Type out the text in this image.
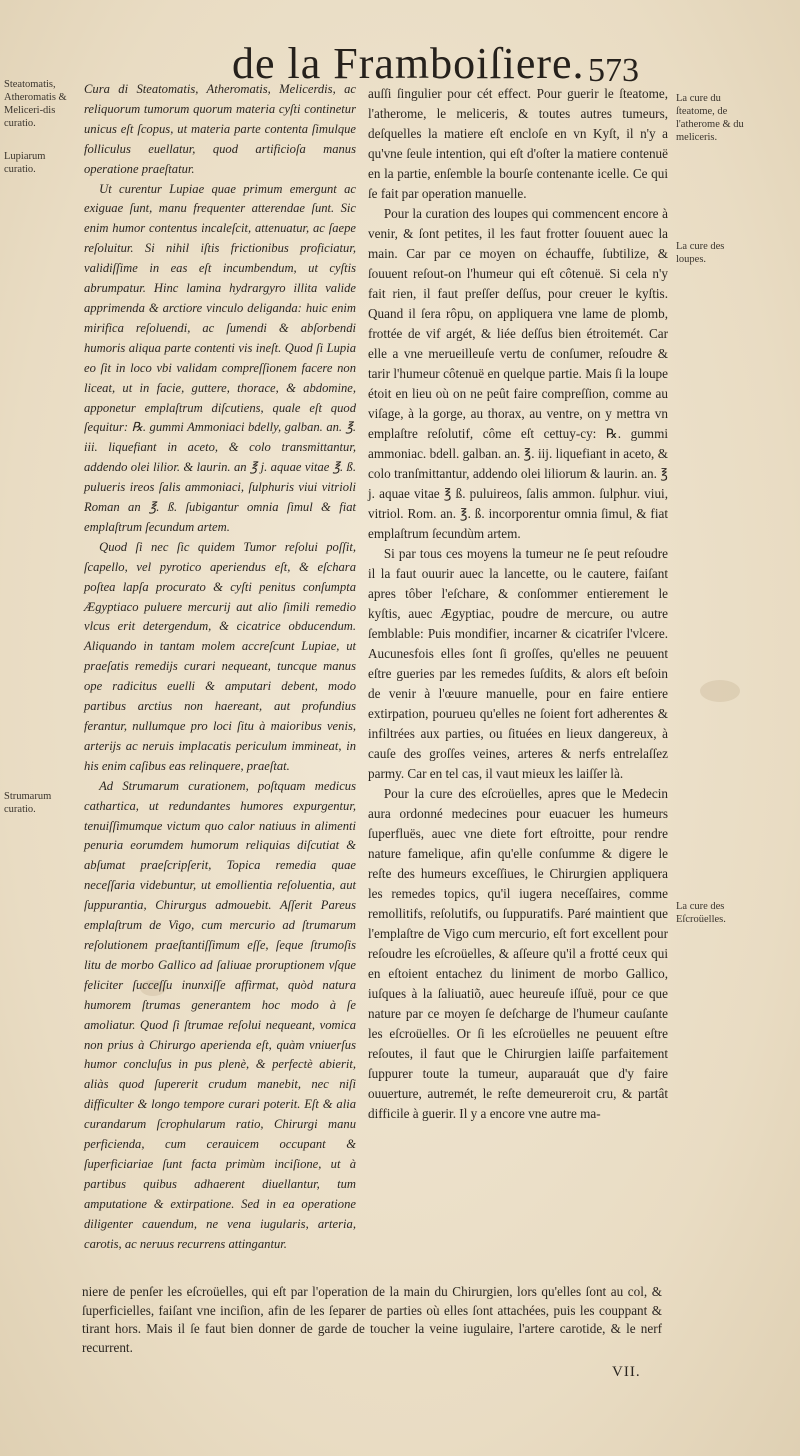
de la Framboiſiere. 573
Steatomatis, Atheromatis & Meliceri-dis curatio.
Lupiarum curatio.
Strumarum curatio.
La cure du ſteatome, de l'atherome & du meliceris.
La cure des loupes.
La cure des Eſcroüelles.

Cura di Steatomatis, Atheromatis, Melicerdis, ac reliquorum tumorum quorum materia cyſti continetur unicus eſt ſcopus, ut materia parte contenta ſimulque folliculus euellatur, quod artificioſa manus operatione praeſtatur.

Ut curentur Lupiae quae primum emergunt ac exiguae ſunt, manu frequenter atterendae ſunt. Sic enim humor contentus incaleſcit, attenuatur, ac ſaepe reſoluitur. Si nihil iſtis frictionibus proficiatur, validiſſime in eas eſt incumbendum, ut cyſtis abrumpatur. Hinc lamina hydrargyro illita valide apprimenda & arctiore vinculo deliganda: huic enim mirifica reſoluendi, ac ſumendi & abſorbendi humoris aliqua parte contenti vis ineſt. Quod ſi Lupia eo ſit in loco vbi validam compreſſionem facere non liceat, ut in facie, guttere, thorace, & abdomine, apponetur emplaſtrum diſcutiens, quale eſt quod ſequitur: ℞. gummi Ammoniaci bdelly, galban. an. ℥. iii. liquefiant in aceto, & colo transmittantur, addendo olei lilior. & laurin. an ℥ j. aquae vitae ℥. ß. pulueris ireos ſalis ammoniaci, ſulphuris viui vitrioli Roman an ℥. ß. ſubigantur omnia ſimul & fiat emplaſtrum ſecundum artem.

Quod ſi nec ſic quidem Tumor reſolui poſſit, ſcapello, vel pyrotico aperiendus eſt, & eſchara poſtea lapſa procurato & cyſti penitus conſumpta Ægyptiaco puluere mercurij aut alio ſimili remedio vlcus erit detergendum, & cicatrice obducendum. Aliquando in tantam molem accreſcunt Lupiae, ut praeſatis remedijs curari nequeant, tuncque manus ope radicitus euelli & amputari debent, modo partibus arctius non haereant, aut profundius ferantur, nullumque pro loci ſitu à maioribus venis, arterijs ac neruis implacatis periculum immineat, in his enim caſibus eas relinquere, praeſtat.

Ad Strumarum curationem, poſtquam medicus cathartica, ut redundantes humores expurgentur, tenuiſſimumque victum quo calor natiuus in alimenti penuria eorumdem humorum reliquias diſcutiat & abſumat praeſcripſerit, Topica remedia quae neceſſaria videbuntur, ut emollientia reſoluentia, aut ſuppurantia, Chirurgus admouebit. Aſſerit Pareus emplaſtrum de Vigo, cum mercurio ad ſtrumarum reſolutionem praeſtantiſſimum eſſe, ſeque ſtrumoſis litu de morbo Gallico ad ſaliuae proruptionem vſque feliciter ſucceſſu inunxiſſe affirmat, quòd natura humorem ſtrumas generantem hoc modo à ſe amoliatur. Quod ſi ſtrumae reſolui nequeant, vomica non prius à Chirurgo aperienda eſt, quàm vniuerſus humor concluſus in pus plenè, & perfectè abierit, aliàs quod ſupererit crudum manebit, nec niſi difficulter & longo tempore curari poterit. Eſt & alia curandarum ſcrophularum ratio, Chirurgi manu perficienda, cum cerauicem occupant & ſuperficiariae ſunt facta primùm inciſione, ut à partibus quibus adhaerent diuellantur, tum amputatione & extirpatione. Sed in ea operatione diligenter cauendum, ne vena iugularis, arteria, carotis, ac neruus recurrens attingantur.

auſſi ſingulier pour cét effect. Pour guerir le ſteatome, l'atherome, le meliceris, & toutes autres tumeurs, deſquelles la matiere eſt encloſe en vn Kyſt, il n'y a qu'vne ſeule intention, qui eſt d'oſter la matiere contenuë en la partie, enſemble la bourſe contenante icelle. Ce qui ſe fait par operation manuelle.

Pour la curation des loupes qui commencent encore à venir, & ſont petites, il les faut frotter ſouuent auec la main. Car par ce moyen on échauffe, ſubtilize, & ſouuent reſout-on l'humeur qui eſt côtenuë. Si cela n'y fait rien, il faut preſſer deſſus, pour creuer le kyſtis. Quand il ſera rôpu, on appliquera vne lame de plomb, frottée de vif argét, & liée deſſus bien étroitemét. Car elle a vne merueilleuſe vertu de conſumer, reſoudre & tarir l'humeur côtenuë en quelque partie. Mais ſi la loupe étoit en lieu où on ne peût faire compreſſion, comme au viſage, à la gorge, au thorax, au ventre, on y mettra vn emplaſtre reſolutif, côme eſt cettuy-cy: ℞. gummi ammoniac. bdell. galban. an. ℥. iij. liquefiant in aceto, & colo tranſmittantur, addendo olei liliorum & laurin. an. ℥ j. aquae vitae ℥ ß. puluireos, ſalis ammon. ſulphur. viui, vitriol. Rom. an. ℥. ß. incorporentur omnia ſimul, & fiat emplaſtrum ſecundùm artem.

Si par tous ces moyens la tumeur ne ſe peut reſoudre il la faut ouurir auec la lancette, ou le cautere, faiſant apres tôber l'eſchare, & conſommer entierement le kyſtis, auec Ægyptiac, poudre de mercure, ou autre ſemblable: Puis mondifier, incarner & cicatriſer l'vlcere. Aucunesfois elles ſont ſi groſſes, qu'elles ne peuuent eſtre gueries par les remedes ſuſdits, & alors eſt beſoin de venir à l'œuure manuelle, pour en faire entiere extirpation, pourueu qu'elles ne ſoient fort adherentes & infiltrées aux parties, ou ſituées en lieux dangereux, à cauſe des groſſes veines, arteres & nerfs entrelaſſez parmy. Car en tel cas, il vaut mieux les laiſſer là.

Pour la cure des eſcroüelles, apres que le Medecin aura ordonné medecines pour euacuer les humeurs ſuperfluës, auec vne diete fort eſtroitte, pour rendre nature famelique, afin qu'elle conſumme & digere le reſte des humeurs exceſſiues, le Chirurgien appliquera les remedes topics, qu'il iugera neceſſaires, comme remollitifs, reſolutifs, ou ſuppuratifs. Paré maintient que l'emplaſtre de Vigo cum mercurio, eſt fort excellent pour reſoudre les eſcroüelles, & aſſeure qu'il a frotté ceux qui en eſtoient entachez du liniment de morbo Gallico, iuſques à la ſaliuatiõ, auec heureuſe iſſuë, pour ce que nature par ce moyen ſe deſcharge de l'humeur cauſante les eſcroüelles. Or ſi les eſcroüelles ne peuuent eſtre reſoutes, il faut que le Chirurgien laiſſe parfaitement ſuppurer toute la tumeur, auparauát que d'y faire ouuerture, autremét, le reſte demeureroit cru, & partât difficile à guerir. Il y a encore vne autre ma-

niere de penſer les eſcroüelles, qui eſt par l'operation de la main du Chirurgien, lors qu'elles ſont au col, & ſuperficielles, faiſant vne inciſion, afin de les ſeparer de parties où elles ſont attachées, puis les couppant & tirant hors. Mais il ſe faut bien donner de garde de toucher la veine iugulaire, l'artere carotide, & le nerf recurrent.
VII.
